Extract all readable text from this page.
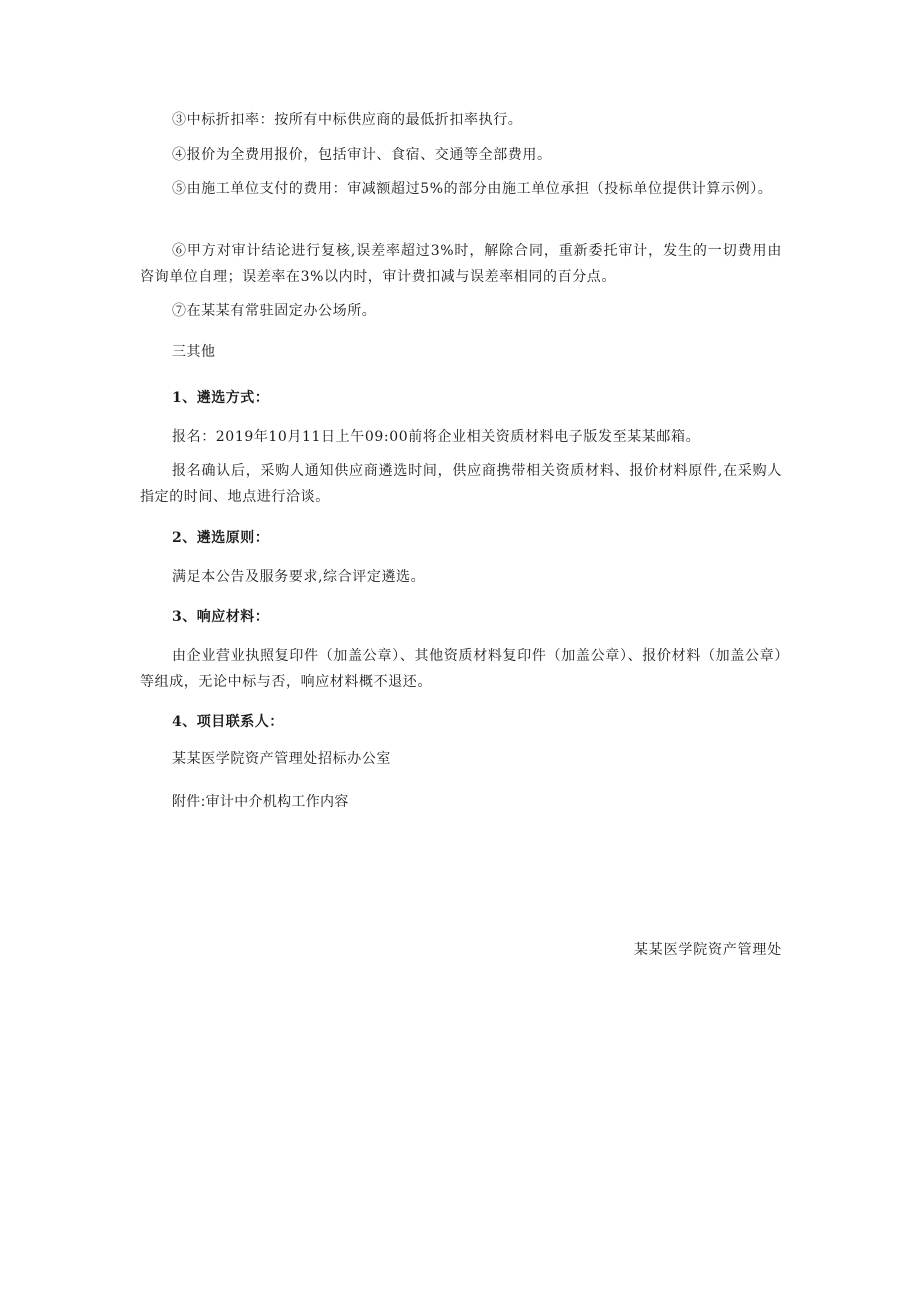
③中标折扣率：按所有中标供应商的最低折扣率执行。

④报价为全费用报价，包括审计、食宿、交通等全部费用。

⑤由施工单位支付的费用：审减额超过5%的部分由施工单位承担（投标单位提供计算示例）。

⑥甲方对审计结论进行复核,误差率超过3%时，解除合同，重新委托审计，发生的一切费用由咨询单位自理；误差率在3%以内时，审计费扣减与误差率相同的百分点。

⑦在某某有常驻固定办公场所。

三其他

1、遴选方式：

报名：2019年10月11日上午09:00前将企业相关资质材料电子版发至某某邮箱。

报名确认后，采购人通知供应商遴选时间，供应商携带相关资质材料、报价材料原件,在采购人指定的时间、地点进行洽谈。

2、遴选原则：

满足本公告及服务要求,综合评定遴选。

3、响应材料：

由企业营业执照复印件（加盖公章）、其他资质材料复印件（加盖公章）、报价材料（加盖公章）等组成，无论中标与否，响应材料概不退还。

4、项目联系人：

某某医学院资产管理处招标办公室

附件:审计中介机构工作内容

某某医学院资产管理处
